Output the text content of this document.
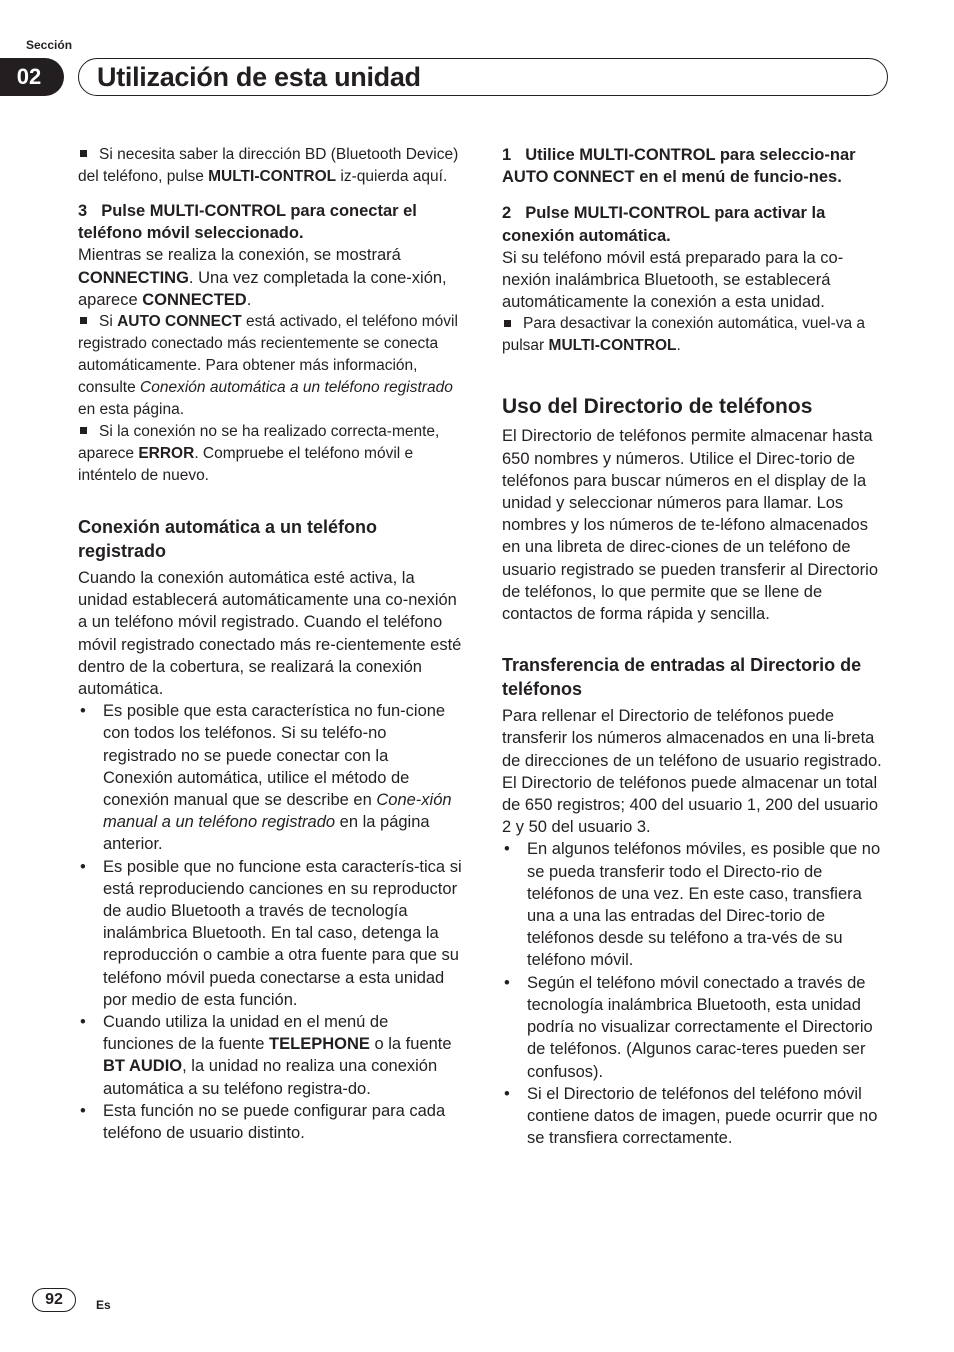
Sección
02	Utilización de esta unidad

Si necesita saber la dirección BD (Bluetooth Device) del teléfono, pulse MULTI-CONTROL iz-quierda aquí.

3 Pulse MULTI-CONTROL para conectar el teléfono móvil seleccionado.

Mientras se realiza la conexión, se mostrará CONNECTING. Una vez completada la cone-xión, aparece CONNECTED.

Si AUTO CONNECT está activado, el teléfono móvil registrado conectado más recientemente se conecta automáticamente. Para obtener más información, consulte Conexión automática a un teléfono registrado en esta página.

Si la conexión no se ha realizado correcta-mente, aparece ERROR. Compruebe el teléfono móvil e inténtelo de nuevo.

Conexión automática a un teléfono registrado

Cuando la conexión automática esté activa, la unidad establecerá automáticamente una co-nexión a un teléfono móvil registrado. Cuando el teléfono móvil registrado conectado más re-cientemente esté dentro de la cobertura, se realizará la conexión automática.

• Es posible que esta característica no fun-cione con todos los teléfonos. Si su teléfo-no registrado no se puede conectar con la Conexión automática, utilice el método de conexión manual que se describe en Cone-xión manual a un teléfono registrado en la página anterior.
• Es posible que no funcione esta caracterís-tica si está reproduciendo canciones en su reproductor de audio Bluetooth a través de tecnología inalámbrica Bluetooth. En tal caso, detenga la reproducción o cambie a otra fuente para que su teléfono móvil pueda conectarse a esta unidad por medio de esta función.
• Cuando utiliza la unidad en el menú de funciones de la fuente TELEPHONE o la fuente BT AUDIO, la unidad no realiza una conexión automática a su teléfono registra-do.
• Esta función no se puede configurar para cada teléfono de usuario distinto.

1 Utilice MULTI-CONTROL para seleccio-nar AUTO CONNECT en el menú de funcio-nes.

2 Pulse MULTI-CONTROL para activar la conexión automática.

Si su teléfono móvil está preparado para la co-nexión inalámbrica Bluetooth, se establecerá automáticamente la conexión a esta unidad.

Para desactivar la conexión automática, vuel-va a pulsar MULTI-CONTROL.

Uso del Directorio de teléfonos

El Directorio de teléfonos permite almacenar hasta 650 nombres y números. Utilice el Direc-torio de teléfonos para buscar números en el display de la unidad y seleccionar números para llamar. Los nombres y los números de te-léfono almacenados en una libreta de direc-ciones de un teléfono de usuario registrado se pueden transferir al Directorio de teléfonos, lo que permite que se llene de contactos de forma rápida y sencilla.

Transferencia de entradas al Directorio de teléfonos

Para rellenar el Directorio de teléfonos puede transferir los números almacenados en una li-breta de direcciones de un teléfono de usuario registrado.

El Directorio de teléfonos puede almacenar un total de 650 registros; 400 del usuario 1, 200 del usuario 2 y 50 del usuario 3.

• En algunos teléfonos móviles, es posible que no se pueda transferir todo el Directo-rio de teléfonos de una vez. En este caso, transfiera una a una las entradas del Direc-torio de teléfonos desde su teléfono a tra-vés de su teléfono móvil.
• Según el teléfono móvil conectado a través de tecnología inalámbrica Bluetooth, esta unidad podría no visualizar correctamente el Directorio de teléfonos. (Algunos carac-teres pueden ser confusos).
• Si el Directorio de teléfonos del teléfono móvil contiene datos de imagen, puede ocurrir que no se transfiera correctamente.
92	Es
